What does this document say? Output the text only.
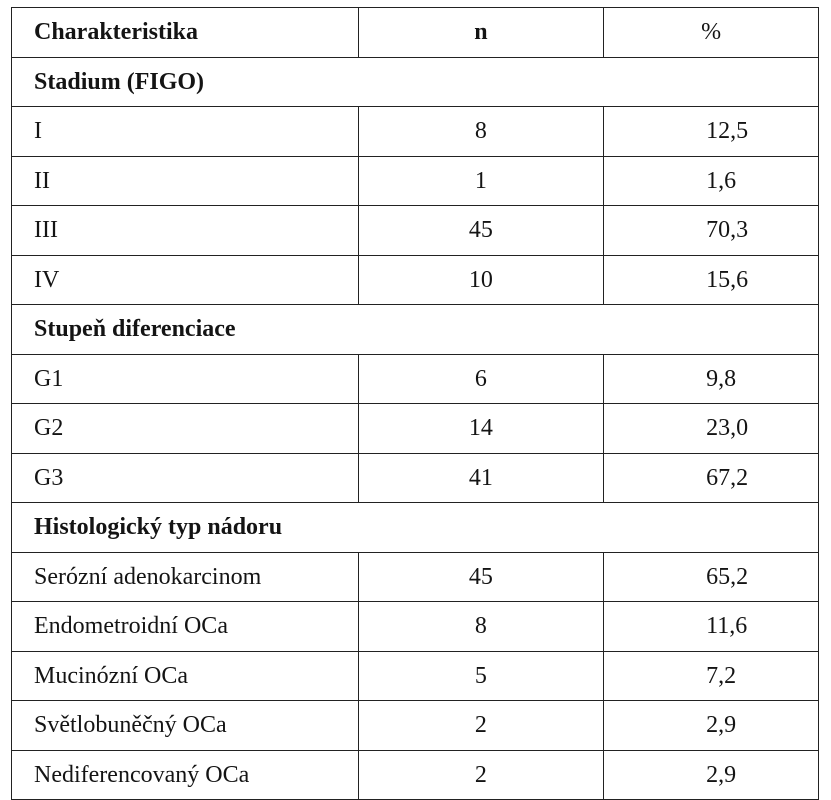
Charakteristika	n	%
Stadium (FIGO)		
I	8	12,5
II	1	1,6
III	45	70,3
IV	10	15,6
Stupeň diferenciace		
G1	6	9,8
G2	14	23,0
G3	41	67,2
Histologický typ nádoru		
Serózní adenokarcinom	45	65,2
Endometroidní OCa	8	11,6
Mucinózní OCa	5	7,2
Světlobuněčný OCa	2	2,9
Nediferencovaný OCa	2	2,9
